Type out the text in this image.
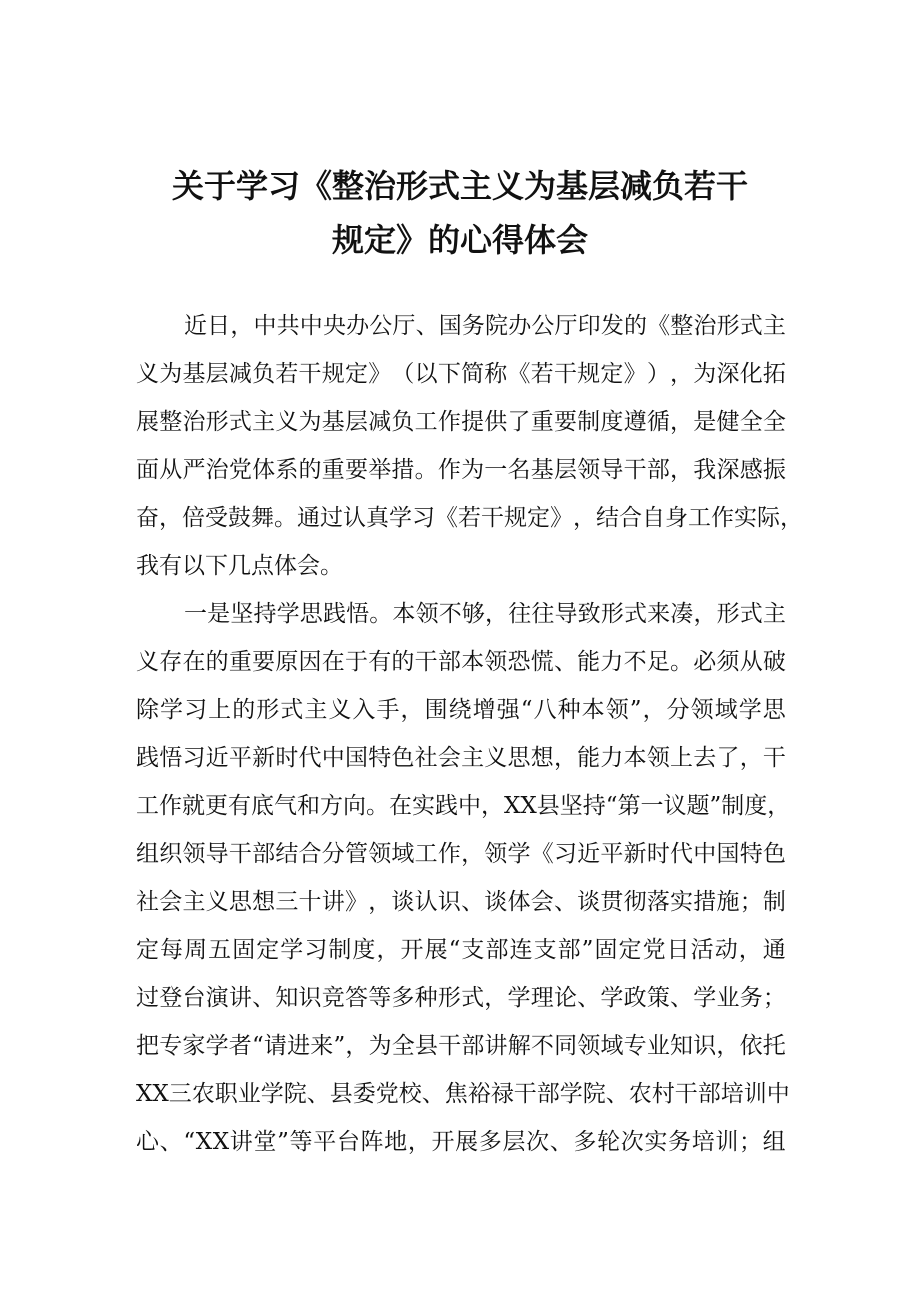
关于学习《整治形式主义为基层减负若干
规定》的心得体会
近 日 ， 中 共 中 央 办 公 厅 、 国 务 院 办 公 厅 印 发 的 《 整 治 形 式 主
义 为 基 层 减 负 若 干 规 定 》 （ 以 下 简 称 《 若 干 规 定 》 ） ， 为 深 化 拓
展 整 治 形 式 主 义 为 基 层 减 负 工 作 提 供 了 重 要 制 度 遵 循 ， 是 健 全 全
面 从 严 治 党 体 系 的 重 要 举 措 。 作 为 一 名 基 层 领 导 干 部 ， 我 深 感 振
奋 ， 倍 受 鼓 舞 。 通 过 认 真 学 习 《 若 干 规 定 》 ， 结 合 自 身 工 作 实 际 ，
我有以下几点体会。
一 是 坚 持 学 思 践 悟 。 本 领 不 够 ， 往 往 导 致 形 式 来 凑 ， 形 式 主
义 存 在 的 重 要 原 因 在 于 有 的 干 部 本 领 恐 慌 、 能 力 不 足 。 必 须 从 破
除 学 习 上 的 形 式 主 义 入 手 ， 围 绕 增 强 “ 八 种 本 领 ” ， 分 领 域 学 思
践 悟 习 近 平 新 时 代 中 国 特 色 社 会 主 义 思 想 ， 能 力 本 领 上 去 了 ， 干
工 作 就 更 有 底 气 和 方 向 。 在 实 践 中 ， X X 县 坚 持 “ 第 一 议 题 ” 制 度 ，
组 织 领 导 干 部 结 合 分 管 领 域 工 作 ， 领 学 《 习 近 平 新 时 代 中 国 特 色
社 会 主 义 思 想 三 十 讲 》 ， 谈 认 识 、 谈 体 会 、 谈 贯 彻 落 实 措 施 ； 制
定 每 周 五 固 定 学 习 制 度 ， 开 展 “ 支 部 连 支 部 ” 固 定 党 日 活 动 ， 通
过 登 台 演 讲 、 知 识 竞 答 等 多 种 形 式 ， 学 理 论 、 学 政 策 、 学 业 务 ；
把 专 家 学 者 “ 请 进 来 ” ， 为 全 县 干 部 讲 解 不 同 领 域 专 业 知 识 ， 依 托
X X 三 农 职 业 学 院 、 县 委 党 校 、 焦 裕 禄 干 部 学 院 、 农 村 干 部 培 训 中
心 、 “ X X 讲 堂 ” 等 平 台 阵 地 ， 开 展 多 层 次 、 多 轮 次 实 务 培 训 ； 组
